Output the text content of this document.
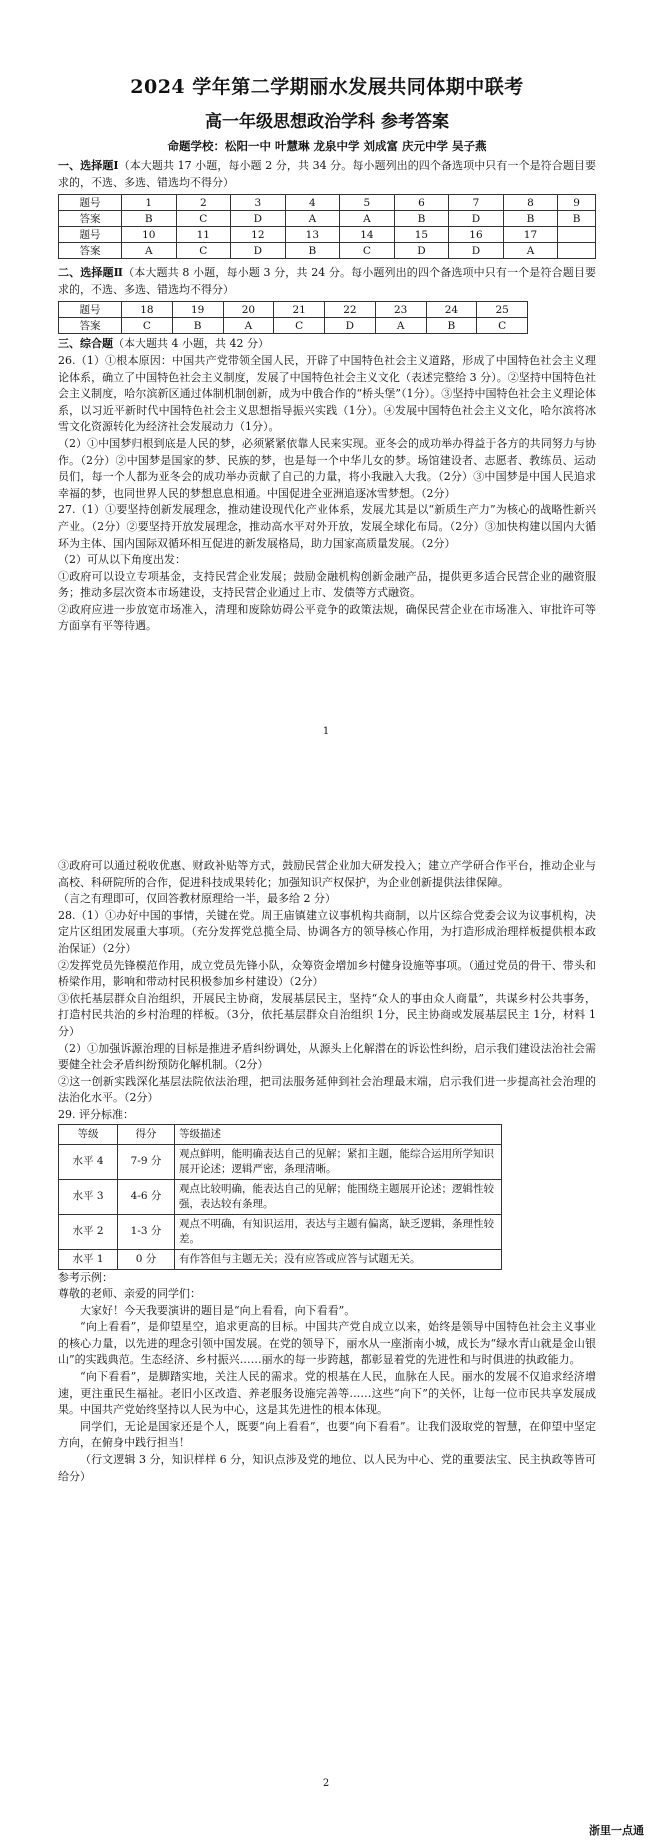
2024 学年第二学期丽水发展共同体期中联考
高一年级思想政治学科 参考答案
命题学校：松阳一中 叶慧琳 龙泉中学 刘成富 庆元中学 吴子燕

一、选择题Ⅰ（本大题共 17 小题，每小题 2 分，共 34 分。每小题列出的四个备选项中只有一个是符合题目要求的，不选、多选、错选均不得分）

题号	1	2	3	4	5	6	7	8	9
答案	B	C	D	A	A	B	D	B	B
题号	10	11	12	13	14	15	16	17	
答案	A	C	D	B	C	D	D	A	

二、选择题Ⅱ（本大题共 8 小题，每小题 3 分，共 24 分。每小题列出的四个备选项中只有一个是符合题目要求的，不选、多选、错选均不得分）

题号	18	19	20	21	22	23	24	25
答案	C	B	A	C	D	A	B	C

三、综合题（本大题共 4 小题，共 42 分）

26.（1）①根本原因：中国共产党带领全国人民，开辟了中国特色社会主义道路，形成了中国特色社会主义理论体系，确立了中国特色社会主义制度，发展了中国特色社会主义文化（表述完整给 3 分）。②坚持中国特色社会主义制度，哈尔滨新区通过体制机制创新，成为中俄合作的“桥头堡”（1分）。③坚持中国特色社会主义理论体系，以习近平新时代中国特色社会主义思想指导振兴实践（1分）。④发展中国特色社会主义文化，哈尔滨将冰雪文化资源转化为经济社会发展动力（1分）。

（2）①中国梦归根到底是人民的梦，必须紧紧依靠人民来实现。亚冬会的成功举办得益于各方的共同努力与协作。（2分）②中国梦是国家的梦、民族的梦，也是每一个中华儿女的梦。场馆建设者、志愿者、教练员、运动员们，每一个人都为亚冬会的成功举办贡献了自己的力量，将小我融入大我。（2分）③中国梦是中国人民追求幸福的梦，也同世界人民的梦想息息相通。中国促进全亚洲追逐冰雪梦想。（2分）

27.（1）①要坚持创新发展理念，推动建设现代化产业体系，发展尤其是以“新质生产力”为核心的战略性新兴产业。（2分）②要坚持开放发展理念，推动高水平对外开放，发展全球化布局。（2分）③加快构建以国内大循环为主体、国内国际双循环相互促进的新发展格局，助力国家高质量发展。（2分）

（2）可从以下角度出发：

①政府可以设立专项基金，支持民营企业发展；鼓励金融机构创新金融产品，提供更多适合民营企业的融资服务；推动多层次资本市场建设，支持民营企业通过上市、发债等方式融资。

②政府应进一步放宽市场准入，清理和废除妨碍公平竞争的政策法规，确保民营企业在市场准入、审批许可等方面享有平等待遇。

1

③政府可以通过税收优惠、财政补贴等方式，鼓励民营企业加大研发投入；建立产学研合作平台，推动企业与高校、科研院所的合作，促进科技成果转化；加强知识产权保护，为企业创新提供法律保障。

（言之有理即可，仅回答教材原理给一半，最多给 2 分）

28.（1）①办好中国的事情，关键在党。周王庙镇建立议事机构共商制，以片区综合党委会议为议事机构，决定片区组团发展重大事项。（充分发挥党总揽全局、协调各方的领导核心作用，为打造形成治理样板提供根本政治保证）（2分）

②发挥党员先锋模范作用，成立党员先锋小队，众筹资金增加乡村健身设施等事项。（通过党员的骨干、带头和桥梁作用，影响和带动村民积极参加乡村建设）（2分）

③依托基层群众自治组织，开展民主协商，发展基层民主，坚持“众人的事由众人商量”，共谋乡村公共事务，打造村民共治的乡村治理的样板。（3分，依托基层群众自治组织 1分，民主协商或发展基层民主 1分，材料 1分）

（2）①加强诉源治理的目标是推进矛盾纠纷调处，从源头上化解潜在的诉讼性纠纷，启示我们建设法治社会需要健全社会矛盾纠纷预防化解机制。（2分）

②这一创新实践深化基层法院依法治理，把司法服务延伸到社会治理最末端，启示我们进一步提高社会治理的法治化水平。（2分）

29. 评分标准：

等级	得分	等级描述
水平 4	7-9 分	观点鲜明，能明确表达自己的见解；紧扣主题，能综合运用所学知识展开论述；逻辑严密，条理清晰。
水平 3	4-6 分	观点比较明确，能表达自己的见解；能围绕主题展开论述；逻辑性较强，表达较有条理。
水平 2	1-3 分	观点不明确，有知识运用，表达与主题有偏离，缺乏逻辑，条理性较差。
水平 1	0 分	有作答但与主题无关；没有应答或应答与试题无关。

参考示例：

尊敬的老师、亲爱的同学们：

大家好！今天我要演讲的题目是“向上看看，向下看看”。

“向上看看”，是仰望星空，追求更高的目标。中国共产党自成立以来，始终是领导中国特色社会主义事业的核心力量，以先进的理念引领中国发展。在党的领导下，丽水从一座浙南小城，成长为“绿水青山就是金山银山”的实践典范。生态经济、乡村振兴……丽水的每一步跨越，都彰显着党的先进性和与时俱进的执政能力。

“向下看看”，是脚踏实地，关注人民的需求。党的根基在人民，血脉在人民。丽水的发展不仅追求经济增速，更注重民生福祉。老旧小区改造、养老服务设施完善等……这些“向下”的关怀，让每一位市民共享发展成果。中国共产党始终坚持以人民为中心，这是其先进性的根本体现。

同学们，无论是国家还是个人，既要“向上看看”，也要“向下看看”。让我们汲取党的智慧，在仰望中坚定方向，在俯身中践行担当！

（行文逻辑 3 分，知识样样 6 分，知识点涉及党的地位、以人民为中心、党的重要法宝、民主执政等皆可给分）

2
浙里一点通
